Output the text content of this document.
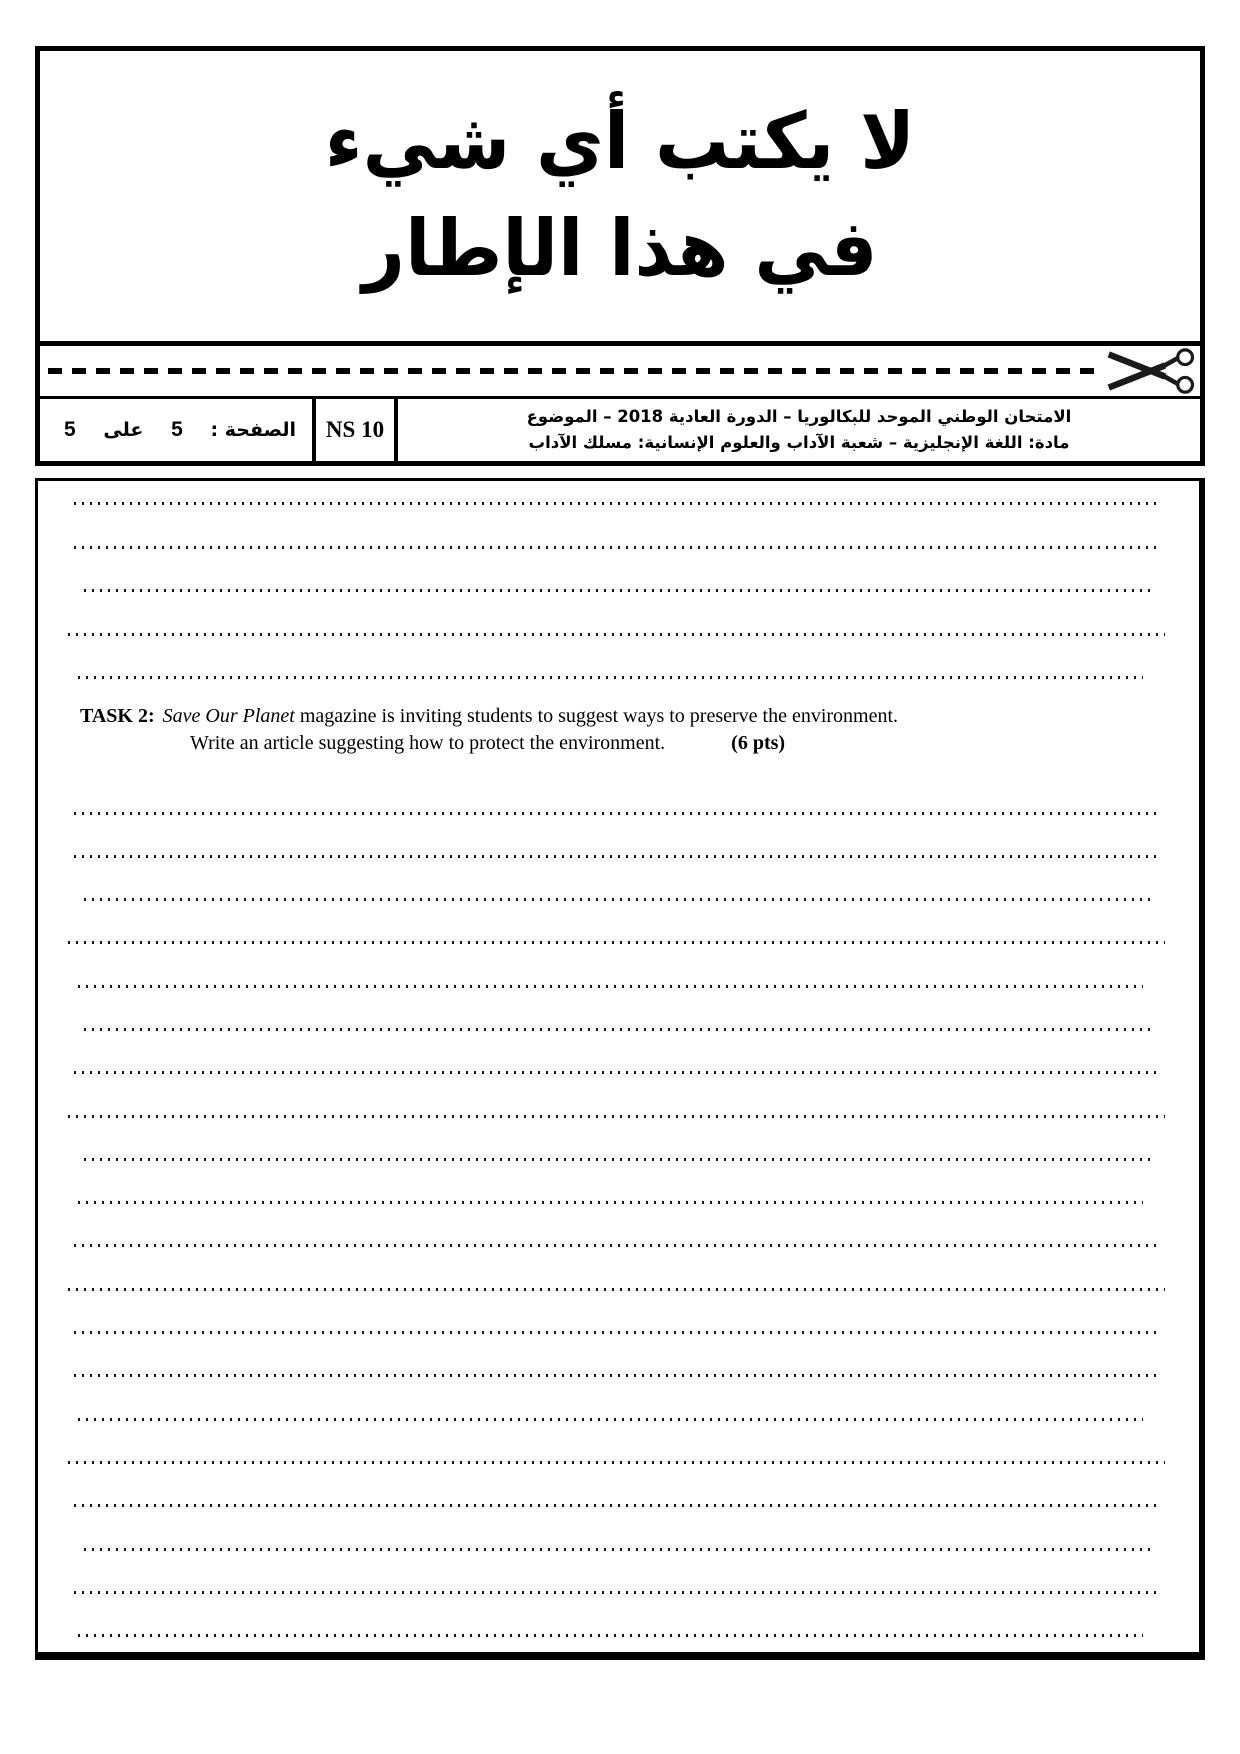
لا يكتب أي شيء
في هذا الإطار
الصفحة :
5
على
5	NS 10
الامتحان الوطني الموحد للبكالوريا – الدورة العادية 2018 – الموضوع
مادة: اللغة الإنجليزية – شعبة الآداب والعلوم الإنسانية: مسلك الآداب
TASK 2: Save Our Planet magazine is inviting students to suggest ways to preserve the environment.
Write an article suggesting how to protect the environment.	(6 pts)
